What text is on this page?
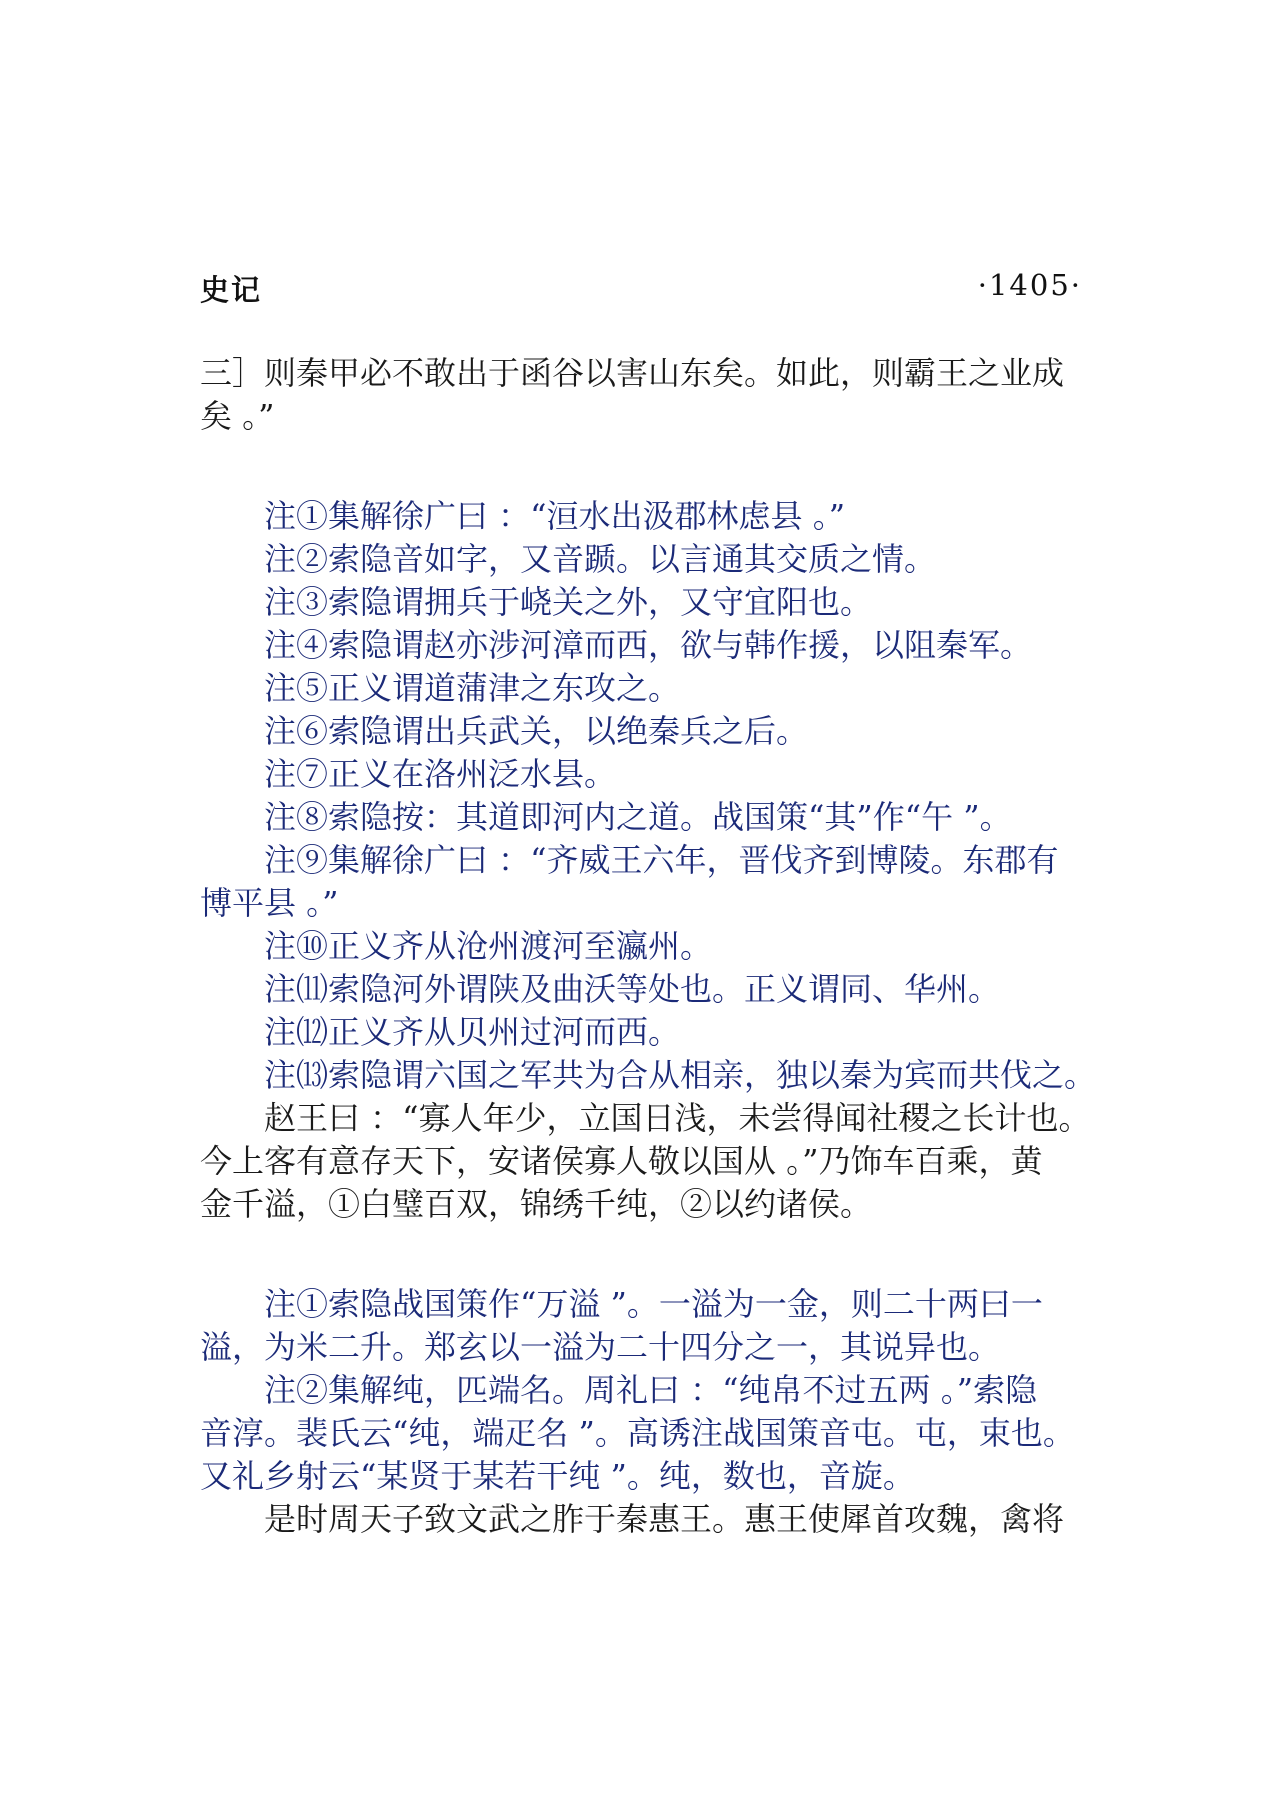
史记	·1405·

三］则秦甲必不敢出于函谷以害山东矣。如此，则霸王之业成

矣 。”

注①集解徐广曰 ：“洹水出汲郡林虑县 。”

注②索隐音如字，又音踬。以言通其交质之情。

注③索隐谓拥兵于峣关之外，又守宜阳也。

注④索隐谓赵亦涉河漳而西，欲与韩作援，以阻秦军。

注⑤正义谓道蒲津之东攻之。

注⑥索隐谓出兵武关，以绝秦兵之后。

注⑦正义在洛州泛水县。

注⑧索隐按：其道即河内之道。战国策“其”作“午 ”。

注⑨集解徐广曰 ：“齐威王六年，晋伐齐到博陵。东郡有

博平县 。”

注⑩正义齐从沧州渡河至瀛州。

注⑾索隐河外谓陕及曲沃等处也。正义谓同、华州。

注⑿正义齐从贝州过河而西。

注⒀索隐谓六国之军共为合从相亲，独以秦为宾而共伐之。

赵王曰 ：“寡人年少，立国日浅，未尝得闻社稷之长计也。

今上客有意存天下，安诸侯寡人敬以国从 。”乃饰车百乘，黄

金千溢，①白璧百双，锦绣千纯，②以约诸侯。

注①索隐战国策作“万溢 ”。一溢为一金，则二十两曰一

溢，为米二升。郑玄以一溢为二十四分之一，其说异也。

注②集解纯，匹端名。周礼曰 ：“纯帛不过五两 。”索隐

音淳。裴氏云“纯，端疋名 ”。高诱注战国策音屯。屯，束也。

又礼乡射云“某贤于某若干纯 ”。纯，数也，音旋。

是时周天子致文武之胙于秦惠王。惠王使犀首攻魏，禽将
